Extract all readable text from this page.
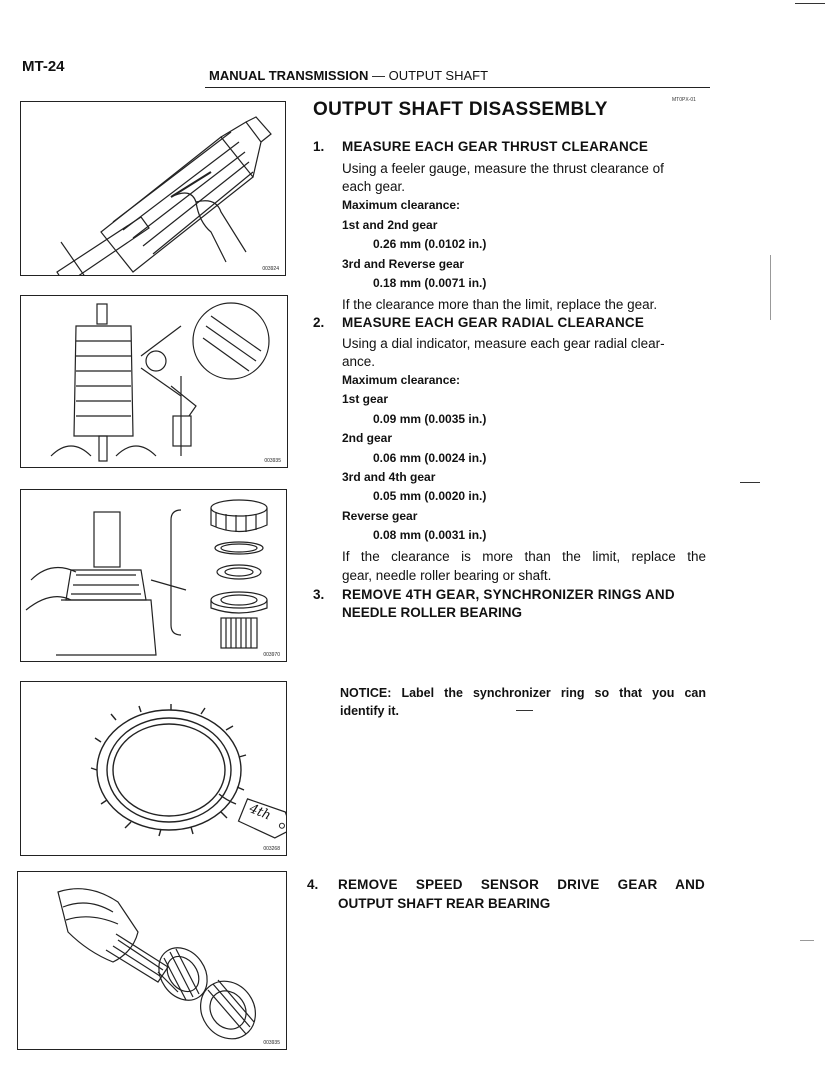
MT-24
MANUAL TRANSMISSION — OUTPUT SHAFT
OUTPUT SHAFT DISASSEMBLY	MT0PX-01
003924
003935
003970
4th
003268
003935
1. MEASURE EACH GEAR THRUST CLEARANCE
Using a feeler gauge, measure the thrust clearance of
each gear.
Maximum clearance:
1st and 2nd gear
0.26 mm (0.0102 in.)
3rd and Reverse gear
0.18 mm (0.0071 in.)
If the clearance more than the limit, replace the gear.
2. MEASURE EACH GEAR RADIAL CLEARANCE
Using a dial indicator, measure each gear radial clear-
ance.
Maximum clearance:
1st gear
0.09 mm (0.0035 in.)
2nd gear
0.06 mm (0.0024 in.)
3rd and 4th gear
0.05 mm (0.0020 in.)
Reverse gear
0.08 mm (0.0031 in.)
If the clearance is more than the limit, replace the
gear, needle roller bearing or shaft.
3. REMOVE 4TH GEAR, SYNCHRONIZER RINGS AND
NEEDLE ROLLER BEARING
NOTICE: Label the synchronizer ring so that you can
identify it.
4. REMOVE SPEED SENSOR DRIVE GEAR AND
OUTPUT SHAFT REAR BEARING
